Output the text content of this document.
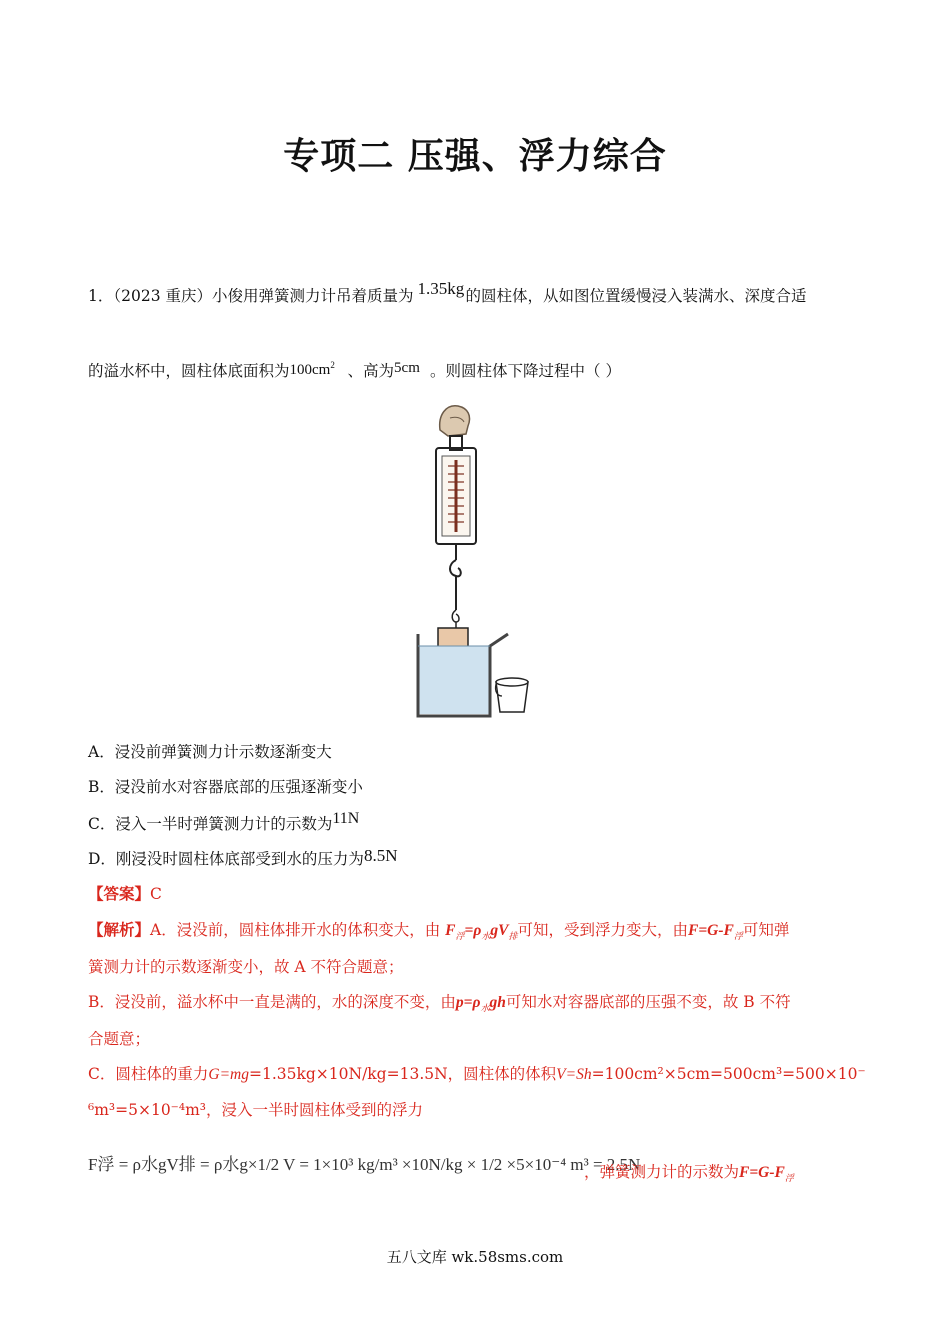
专项二 压强、浮力综合
1．（2023 重庆）小俊用弹簧测力计吊着质量为 1.35kg 的圆柱体，从如图位置缓慢浸入装满水、深度合适
的溢水杯中，圆柱体底面积为 $100cm^2$ 、高为 5cm 。则圆柱体下降过程中（ ）
A．浸没前弹簧测力计示数逐渐变大
B．浸没前水对容器底部的压强逐渐变小
C．浸入一半时弹簧测力计的示数为11N
D．刚浸没时圆柱体底部受到水的压力为8.5N
【答案】C
【解析】A．浸没前，圆柱体排开水的体积变大，由 $F_浮=\rho_水gV_排$可知，受到浮力变大，由$F=G-F_浮$可知弹
簧测力计的示数逐渐变小，故 A 不符合题意；
B．浸没前，溢水杯中一直是满的，水的深度不变，由$p=\rho_水gh$可知水对容器底部的压强不变，故 B 不符
合题意；
C．圆柱体的重力G=mg=1.35kg×10N/kg=13.5N，圆柱体的体积V=Sh=100cm²×5cm=500cm³=500×10⁻
⁶m³=5×10⁻⁴m³，浸入一半时圆柱体受到的浮力
F浮 = ρ水gV排 = ρ水g×1/2 V = 1×10³ kg/m³ ×10N/kg × 1/2 ×5×10⁻⁴ m³ = 2.5N
，弹簧测力计的示数为$F=G-F_浮$
五八文库 wk.58sms.com
